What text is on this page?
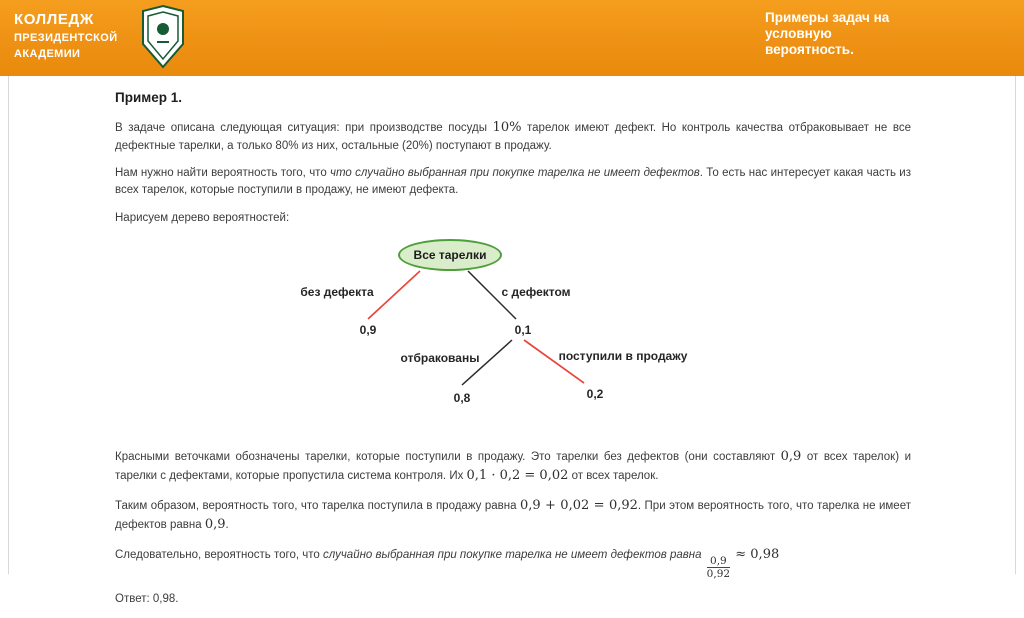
КОЛЛЕДЖ
ПРЕЗИДЕНТСКОЙ
АКАДЕМИИ
Примеры задач на
условную
вероятность.
Пример 1.

В задаче описана следующая ситуация: при производстве посуды 10% тарелок имеют дефект. Но контроль качества отбраковывает не все дефектные тарелки, а только 80% из них, остальные (20%) поступают в продажу.

Нам нужно найти вероятность того, что что случайно выбранная при покупке тарелка не имеет дефектов. То есть нас интересует какая часть из всех тарелок, которые поступили в продажу, не имеют дефекта.

Нарисуем дерево вероятностей:

Все тарелки
без дефекта	с дефектом
0,9	0,1
отбракованы	поступили в продажу
0,8	0,2

Красными веточками обозначены тарелки, которые поступили в продажу. Это тарелки без дефектов (они составляют 0,9 от всех тарелок) и тарелки с дефектами, которые пропустила система контроля. Их 0,1 · 0,2 = 0,02 от всех тарелок.

Таким образом, вероятность того, что тарелка поступила в продажу равна 0,9 + 0,02 = 0,92. При этом вероятность того, что тарелка не имеет дефектов равна 0,9.

Следовательно, вероятность того, что случайно выбранная при покупке тарелка не имеет дефектов равна $\frac{0,9}{0,92}$
≈ 0,98

Ответ: 0,98.
